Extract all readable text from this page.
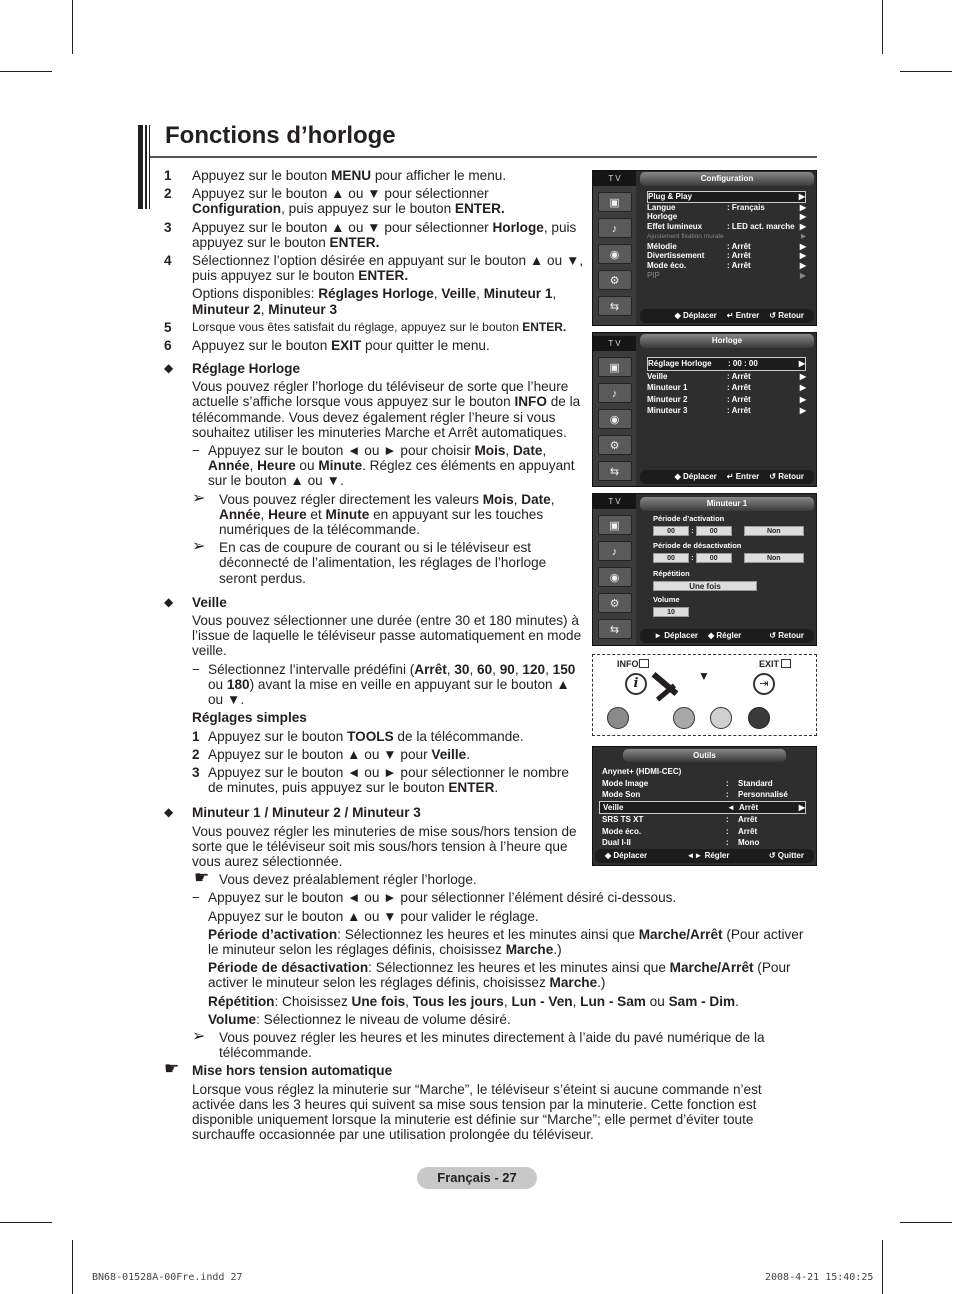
Fonctions d’horloge
1 Appuyez sur le bouton MENU pour afficher le menu.
2 Appuyez sur le bouton ▲ ou ▼ pour sélectionner Configuration, puis appuyez sur le bouton ENTER.
3 Appuyez sur le bouton ▲ ou ▼ pour sélectionner Horloge, puis appuyez sur le bouton ENTER.
4 Sélectionnez l’option désirée en appuyant sur le bouton ▲ ou ▼, puis appuyez sur le bouton ENTER.
Options disponibles: Réglages Horloge, Veille, Minuteur 1, Minuteur 2, Minuteur 3
5 Lorsque vous êtes satisfait du réglage, appuyez sur le bouton ENTER.
6 Appuyez sur le bouton EXIT pour quitter le menu.
◆ Réglage Horloge
Vous pouvez régler l’horloge du téléviseur de sorte que l’heure actuelle s’affiche lorsque vous appuyez sur le bouton INFO de la télécommande. Vous devez également régler l’heure si vous souhaitez utiliser les minuteries Marche et Arrêt automatiques.
− Appuyez sur le bouton ◄ ou ► pour choisir Mois, Date, Année, Heure ou Minute. Réglez ces éléments en appuyant sur le bouton ▲ ou ▼.
➢ Vous pouvez régler directement les valeurs Mois, Date, Année, Heure et Minute en appuyant sur les touches numériques de la télécommande.
➢ En cas de coupure de courant ou si le téléviseur est déconnecté de l’alimentation, les réglages de l’horloge seront perdus.
◆ Veille
Vous pouvez sélectionner une durée (entre 30 et 180 minutes) à l’issue de laquelle le téléviseur passe automatiquement en mode veille.
− Sélectionnez l’intervalle prédéfini (Arrêt, 30, 60, 90, 120, 150 ou 180) avant la mise en veille en appuyant sur le bouton ▲ ou ▼.
Réglages simples
1 Appuyez sur le bouton TOOLS de la télécommande.
2 Appuyez sur le bouton ▲ ou ▼ pour Veille.
3 Appuyez sur le bouton ◄ ou ► pour sélectionner le nombre de minutes, puis appuyez sur le bouton ENTER.
◆ Minuteur 1 / Minuteur 2 / Minuteur 3
Vous pouvez régler les minuteries de mise sous/hors tension de sorte que le téléviseur soit mis sous/hors tension à l’heure que vous aurez sélectionnée.
☛ Vous devez préalablement régler l’horloge.
− Appuyez sur le bouton ◄ ou ► pour sélectionner l’élément désiré ci-dessous.
Appuyez sur le bouton ▲ ou ▼ pour valider le réglage.
Période d’activation: Sélectionnez les heures et les minutes ainsi que Marche/Arrêt (Pour activer le minuteur selon les réglages définis, choisissez Marche.)
Période de désactivation: Sélectionnez les heures et les minutes ainsi que Marche/Arrêt (Pour activer le minuteur selon les réglages définis, choisissez Marche.)
Répétition: Choisissez Une fois, Tous les jours, Lun - Ven, Lun - Sam ou Sam - Dim.
Volume: Sélectionnez le niveau de volume désiré.
➢ Vous pouvez régler les heures et les minutes directement à l’aide du pavé numérique de la télécommande.
☛ Mise hors tension automatique
Lorsque vous réglez la minuterie sur “Marche”, le téléviseur s’éteint si aucune commande n’est activée dans les 3 heures qui suivent sa mise sous tension par la minuterie. Cette fonction est disponible uniquement lorsque la minuterie est définie sur “Marche”; elle permet d’éviter toute surchauffe occasionnée par une utilisation prolongée du téléviseur.
T V
▣
♪
◉
⚙
⇆
Configuration
Plug & Play	▶
Langue	: Français	▶
Horloge	▶
Effet lumineux	: LED act. marche ▶
Ajustement fixation murale	▶
Mélodie	: Arrêt	▶
Divertissement	: Arrêt	▶
Mode éco.	: Arrêt	▶
PIP	▶
◆ Déplacer ↵ Entrer ↺ Retour
T V
▣
♪
◉
⚙
⇆
Horloge
Réglage Horloge	: 00 : 00	▶
Veille	: Arrêt	▶
Minuteur 1	: Arrêt	▶
Minuteur 2	: Arrêt	▶
Minuteur 3	: Arrêt	▶
◆ Déplacer ↵ Entrer ↺ Retour
T V
▣
♪
◉
⚙
⇆
Minuteur 1
Période d’activation
00 : 00	Non
Période de désactivation
00 : 00	Non
Répétition
Une fois
Volume
10
► Déplacer ◆ Régler	↺ Retour
INFO	EXIT
i	⇥
▼
Outils
Anynet+ (HDMI-CEC)
Mode Image	:	Standard
Mode Son	:	Personnalisé
Veille	◄ Arrêt	▶
SRS TS XT	:	Arrêt
Mode éco.	:	Arrêt
Dual I-II	:	Mono
◆ Déplacer	◄► Régler	↺ Quitter
Français - 27
BN68-01528A-00Fre.indd 27	2008-4-21 15:40:25
